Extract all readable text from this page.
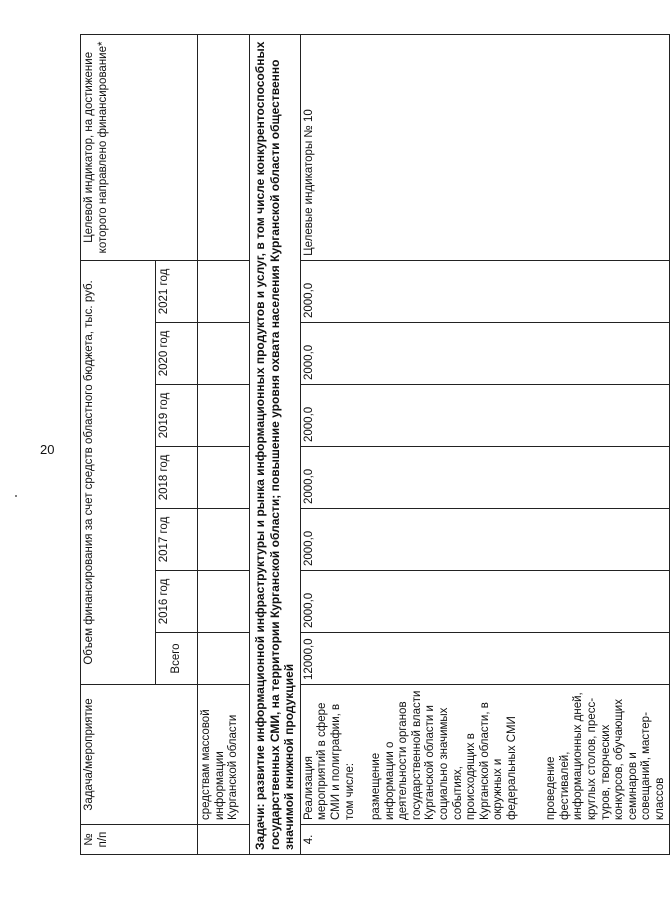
20
№ п/п	Задача/мероприятие	Объем финансирования за счет средств областного бюджета, тыс. руб.							Целевой индикатор, на достижение которого направлено финансирование*
		Всего	2016 год	2017 год	2018 год	2019 год	2020 год	2021 год	
	средствам массовой информации Курганской области								
Задачи: развитие информационной инфраструктуры и рынка информационных продуктов и услуг, в том числе конкурентоспособных государственных СМИ, на территории Курганской области; повышение уровня охвата населения Курганской области общественно значимой книжной продукцией									
4.	Реализация мероприятий в сфере СМИ и полиграфии, в том числе: размещение информации о деятельности органов государственной власти Курганской области и социально значимых событиях, происходящих в Курганской области, в окружных и федеральных СМИ проведение фестивалей, информационных дней, круглых столов, пресс-туров, творческих конкурсов, обучающих семинаров и совещаний, мастер-классов	12000,0	2000,0	2000,0	2000,0	2000,0	2000,0	2000,0	Целевые индикаторы № 10
